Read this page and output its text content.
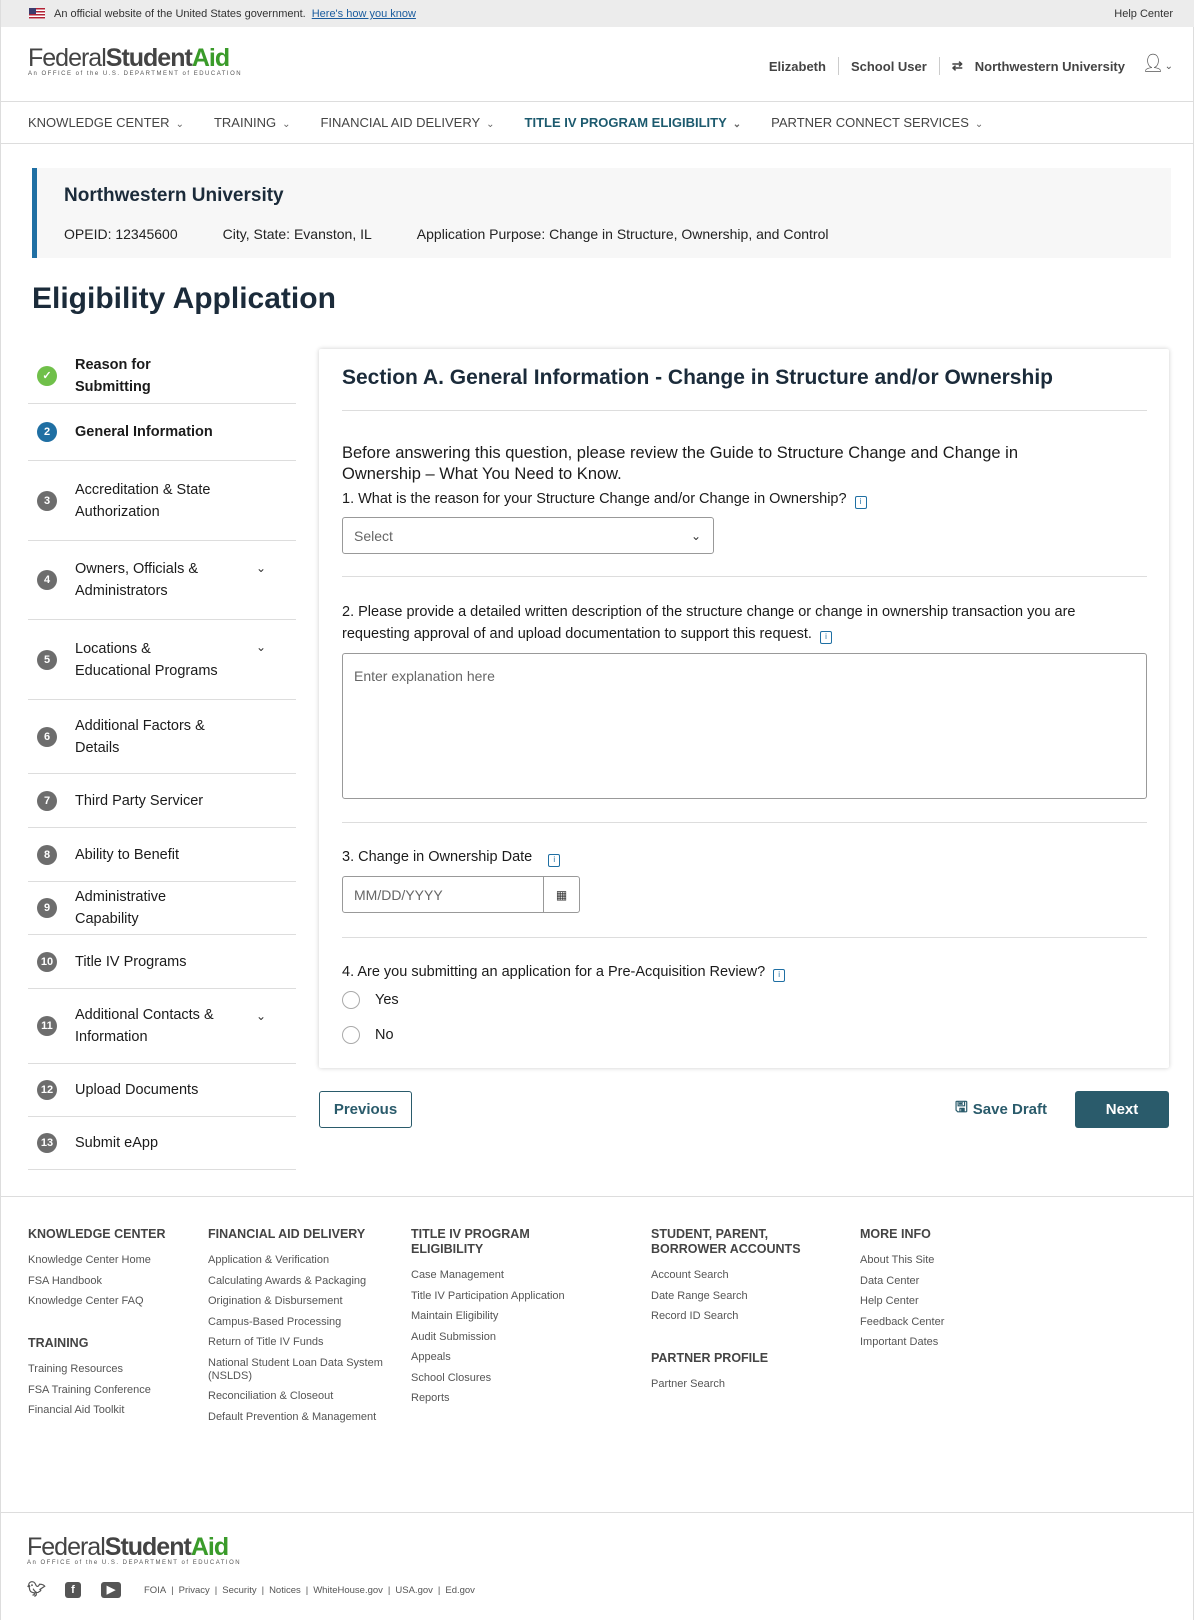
An official website of the United States government. Here's how you know	Help Center
FederalStudentAid
An OFFICE of the U.S. DEPARTMENT of EDUCATION
Elizabeth School User ⇄ Northwestern University 👤︎⌄
KNOWLEDGE CENTER ⌄ TRAINING ⌄ FINANCIAL AID DELIVERY ⌄ TITLE IV PROGRAM ELIGIBILITY ⌄ PARTNER CONNECT SERVICES ⌄
Northwestern University
OPEID: 12345600	City, State: Evanston, IL	Application Purpose: Change in Structure, Ownership, and Control
Eligibility Application
✓
Reason for Submitting
2	General Information
3
Accreditation & State Authorization
4
Owners, Officials & Administrators
⌄
5
Locations & Educational Programs
⌄
6
Additional Factors & Details
7	Third Party Servicer
8	Ability to Benefit
9
Administrative Capability
10 Title IV Programs
11
Additional Contacts & Information
⌄
12 Upload Documents
13 Submit eApp
Section A. General Information - Change in Structure and/or Ownership
Before answering this question, please review the Guide to Structure Change and Change in Ownership – What You Need to Know.
1. What is the reason for your Structure Change and/or Change in Ownership? i
Select	⌄
2. Please provide a detailed written description of the structure change or change in ownership transaction you are requesting approval of and upload documentation to support this request. i
Enter explanation here
3. Change in Ownership Date	i
MM/DD/YYYY	▦
4. Are you submitting an application for a Pre-Acquisition Review? i
Yes
No
Previous	🖫︎ Save Draft	Next
KNOWLEDGE CENTER
Knowledge Center Home
FSA Handbook
Knowledge Center FAQ
TRAINING
Training Resources
FSA Training Conference
Financial Aid Toolkit
FINANCIAL AID DELIVERY
Application & Verification
Calculating Awards & Packaging
Origination & Disbursement
Campus-Based Processing
Return of Title IV Funds
National Student Loan Data System (NSLDS)
Reconciliation & Closeout
Default Prevention & Management
TITLE IV PROGRAM ELIGIBILITY
Case Management
Title IV Participation Application
Maintain Eligibility
Audit Submission
Appeals
School Closures
Reports
STUDENT, PARENT, BORROWER ACCOUNTS
Account Search
Date Range Search
Record ID Search
PARTNER PROFILE
Partner Search
MORE INFO
About This Site
Data Center
Help Center
Feedback Center
Important Dates
FederalStudentAid
An OFFICE of the U.S. DEPARTMENT of EDUCATION
🐦︎	f	▶	FOIA | Privacy | Security | Notices | WhiteHouse.gov | USA.gov | Ed.gov
